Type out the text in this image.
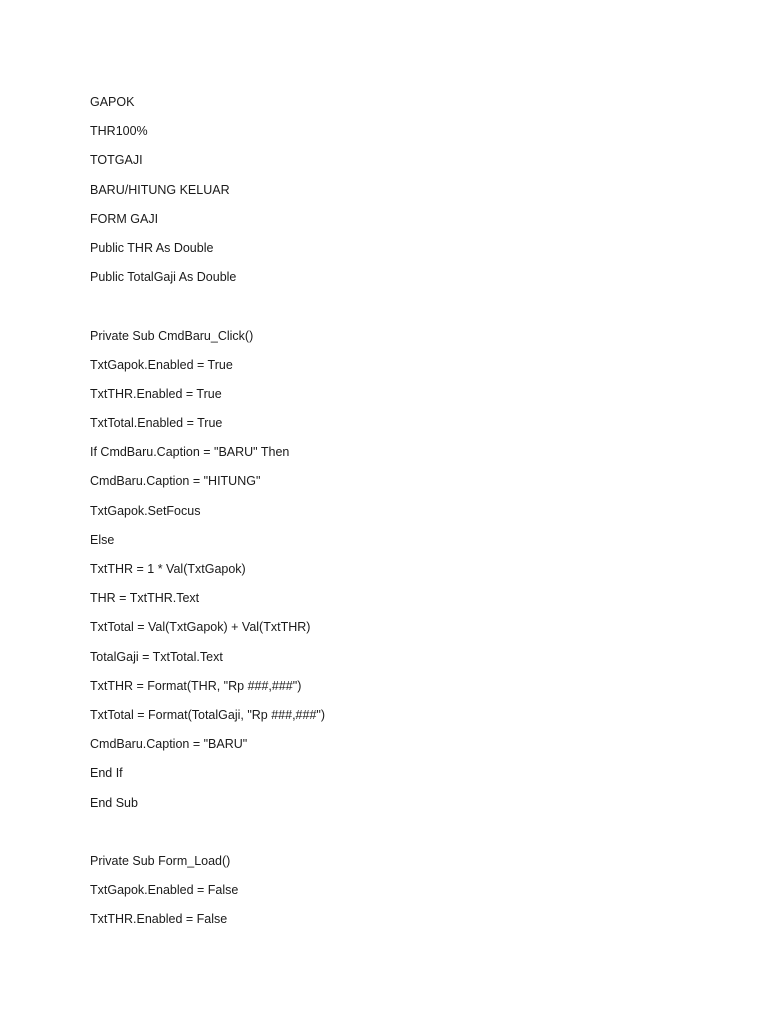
GAPOK
THR100%
TOTGAJI
BARU/HITUNG KELUAR
FORM GAJI
Public THR As Double
Public TotalGaji As Double
Private Sub CmdBaru_Click()
TxtGapok.Enabled = True
TxtTHR.Enabled = True
TxtTotal.Enabled = True
If CmdBaru.Caption = "BARU" Then
CmdBaru.Caption = "HITUNG"
TxtGapok.SetFocus
Else
TxtTHR = 1 * Val(TxtGapok)
THR = TxtTHR.Text
TxtTotal = Val(TxtGapok) + Val(TxtTHR)
TotalGaji = TxtTotal.Text
TxtTHR = Format(THR, "Rp ###,###")
TxtTotal = Format(TotalGaji, "Rp ###,###")
CmdBaru.Caption = "BARU"
End If
End Sub
Private Sub Form_Load()
TxtGapok.Enabled = False
TxtTHR.Enabled = False
